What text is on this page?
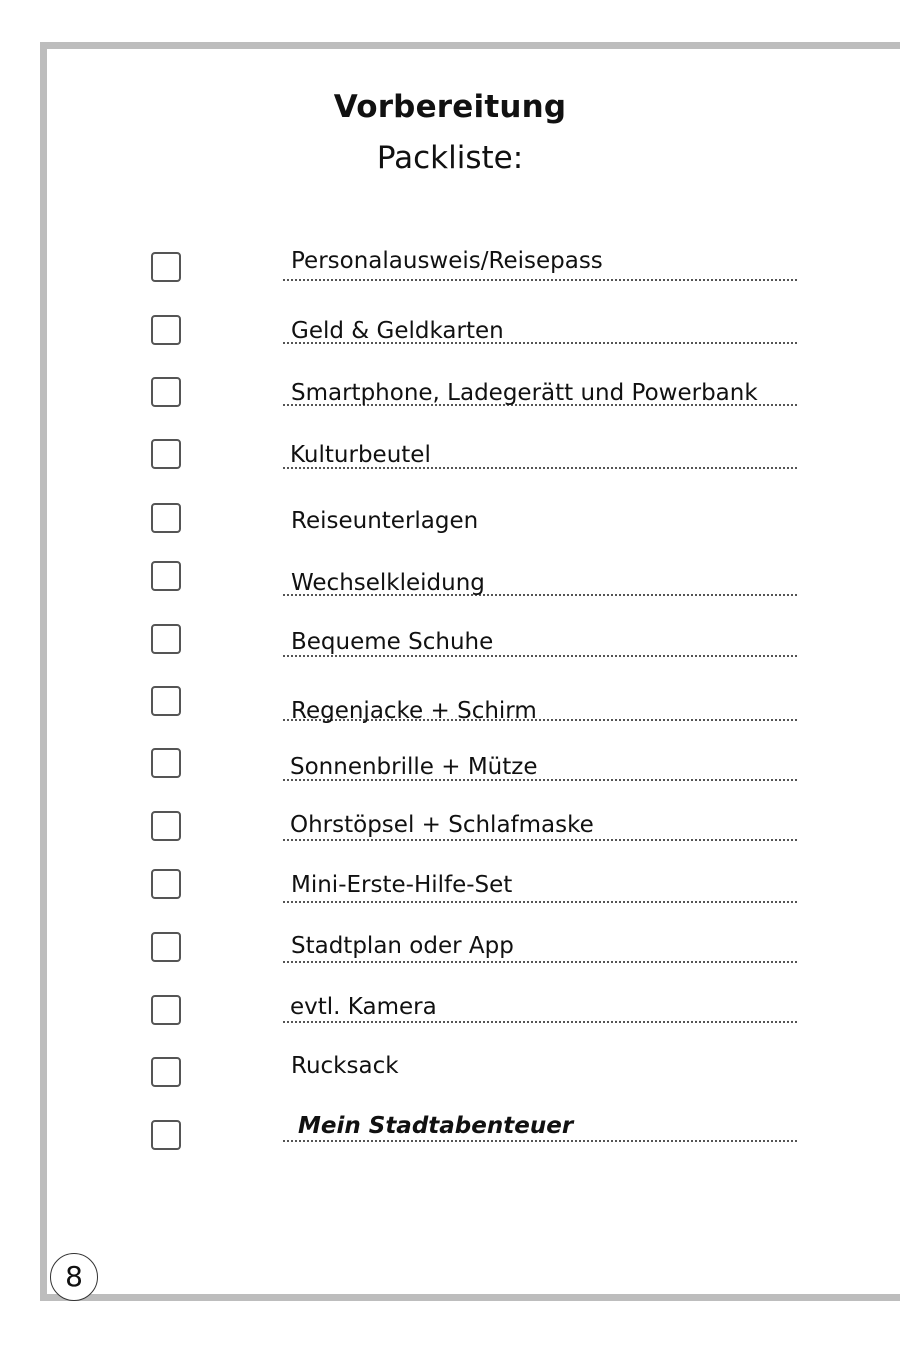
Vorbereitung
Packliste:
Personalausweis/Reisepass
Geld & Geldkarten
Smartphone, Ladegerätt und Powerbank
Kulturbeutel
Reiseunterlagen
Wechselkleidung
Bequeme Schuhe
Regenjacke + Schirm
Sonnenbrille + Mütze
Ohrstöpsel + Schlafmaske
Mini-Erste-Hilfe-Set
Stadtplan oder App
evtl. Kamera
Rucksack
Mein Stadtabenteuer
8
